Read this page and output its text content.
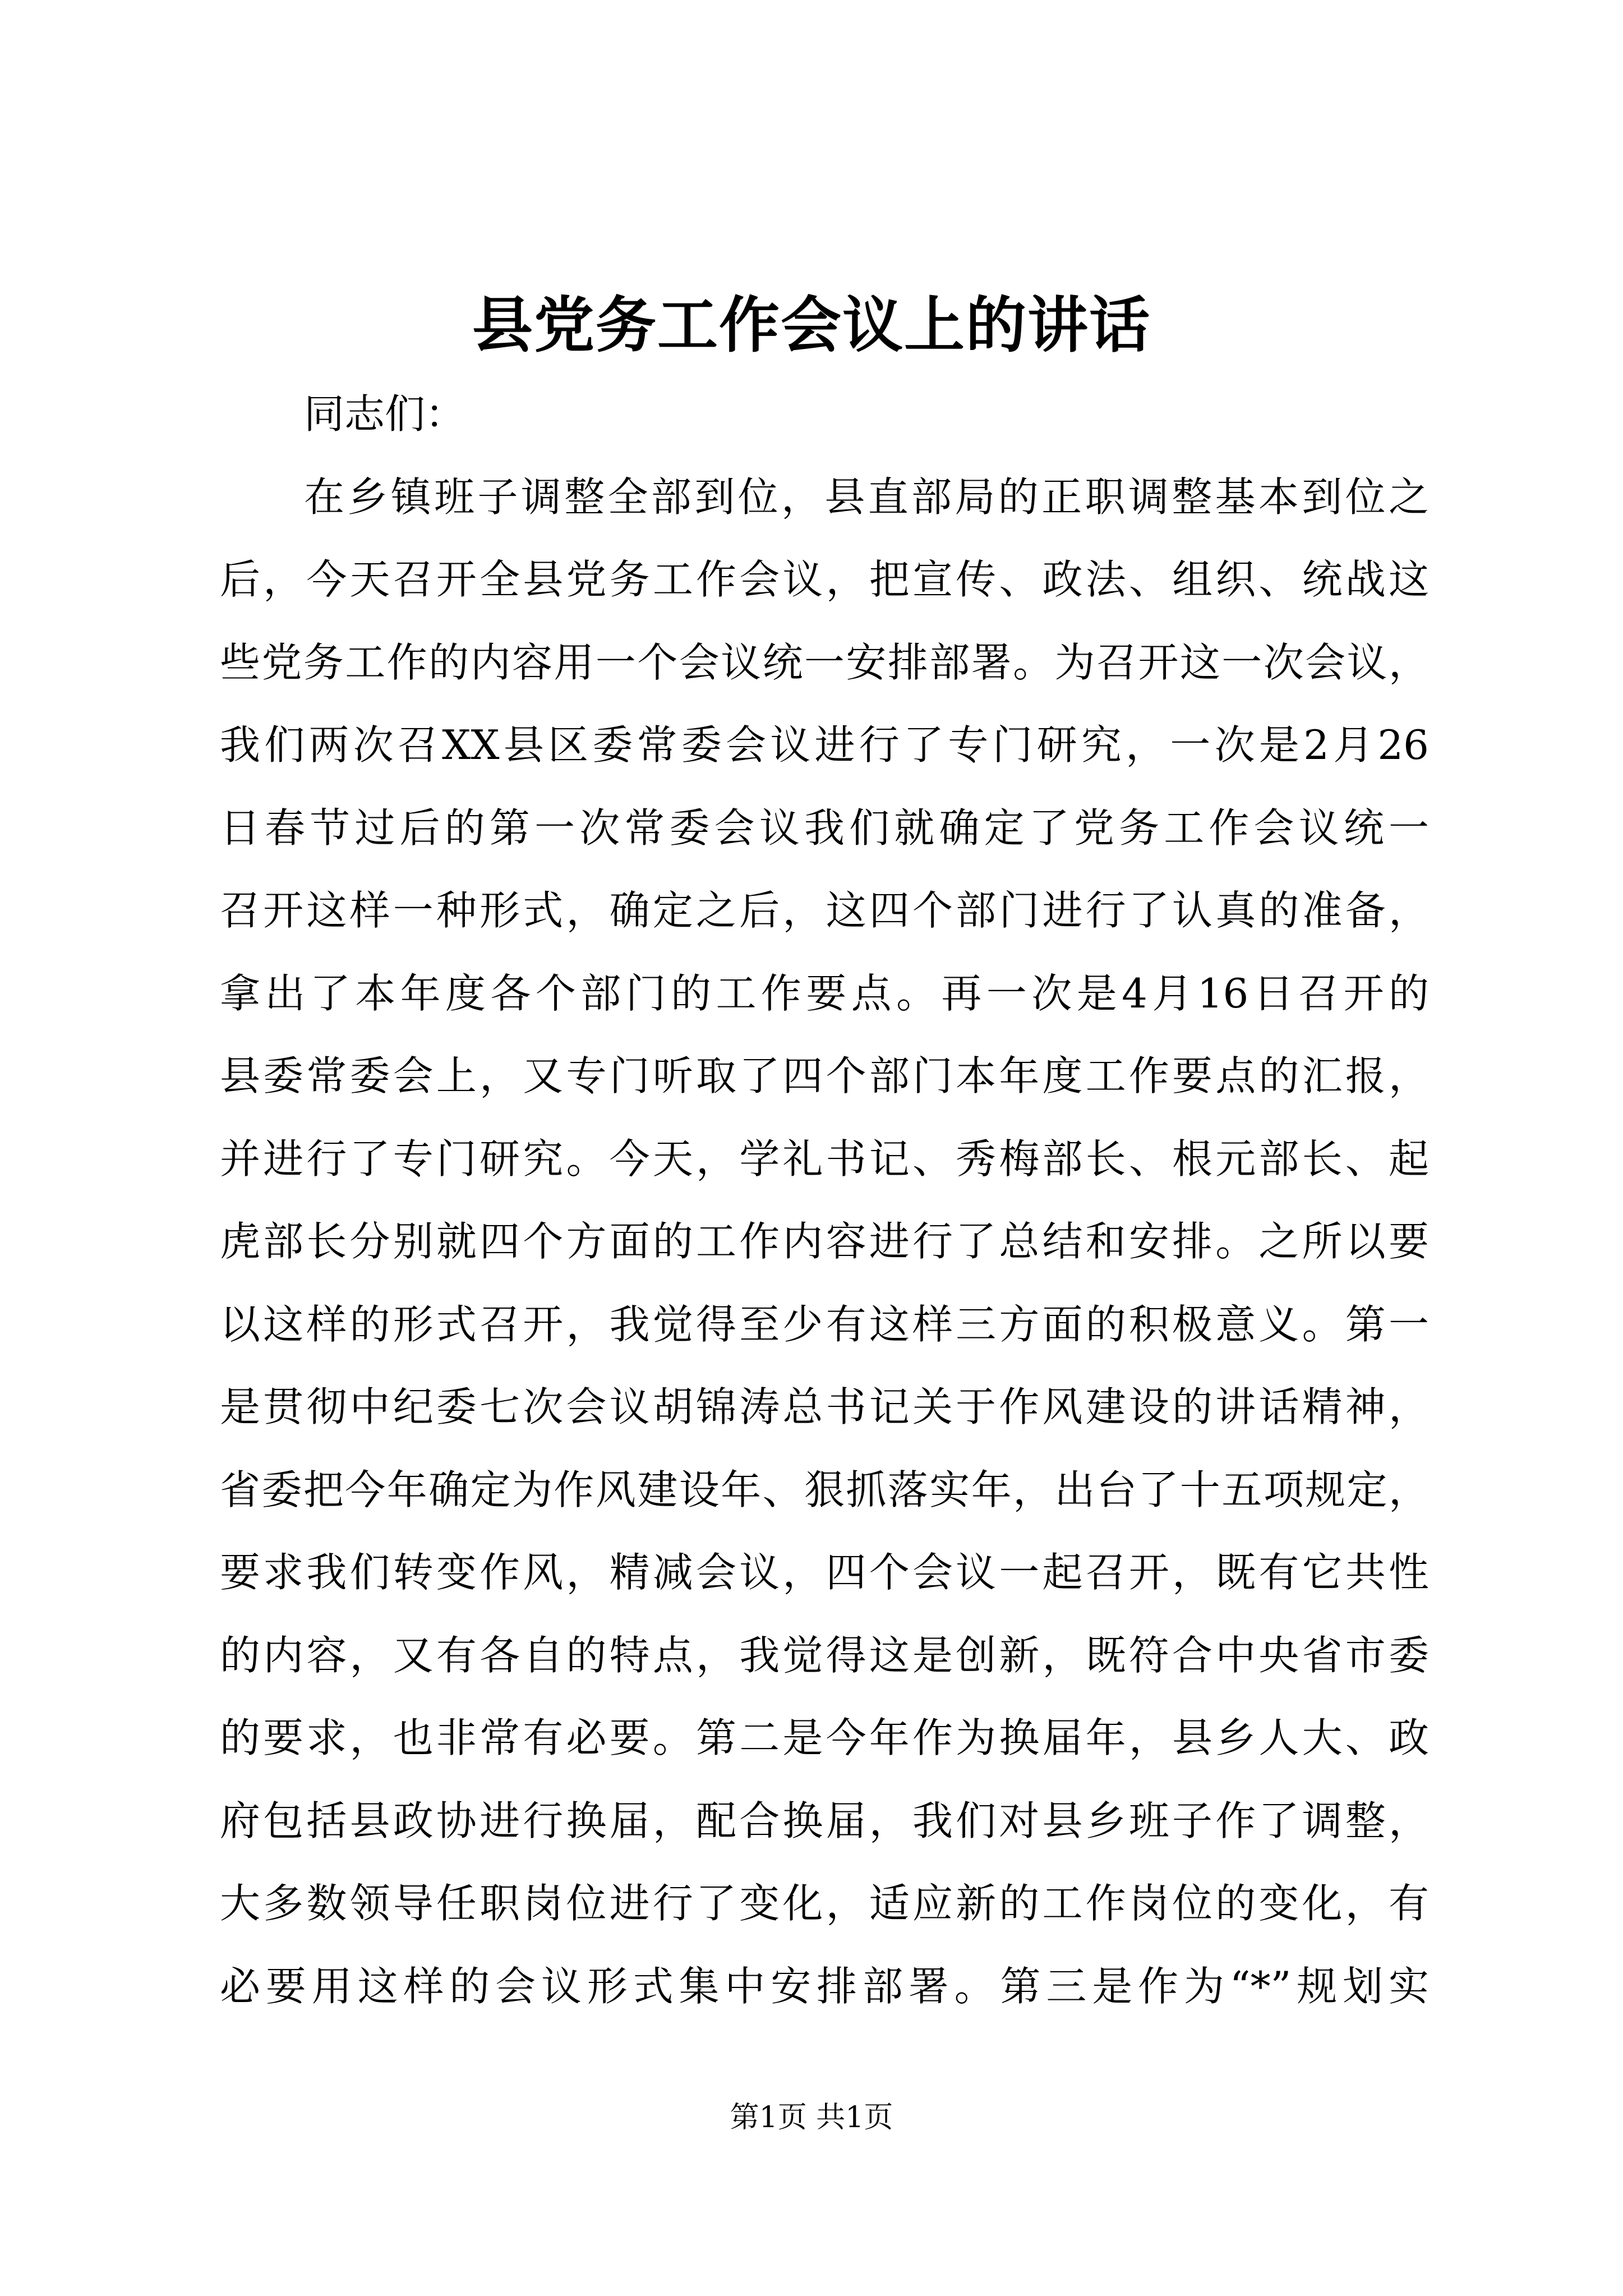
县党务工作会议上的讲话
同志们：
在乡镇班子调整全部到位，县直部局的正职调整基本到位之
后，今天召开全县党务工作会议，把宣传、政法、组织、统战这
些党务工作的内容用一个会议统一安排部署。为召开这一次会议，
我们两次召XX县区委常委会议进行了专门研究，一次是2月26
日春节过后的第一次常委会议我们就确定了党务工作会议统一
召开这样一种形式，确定之后，这四个部门进行了认真的准备，
拿出了本年度各个部门的工作要点。再一次是4月16日召开的
县委常委会上，又专门听取了四个部门本年度工作要点的汇报，
并进行了专门研究。今天，学礼书记、秀梅部长、根元部长、起
虎部长分别就四个方面的工作内容进行了总结和安排。之所以要
以这样的形式召开，我觉得至少有这样三方面的积极意义。第一
是贯彻中纪委七次会议胡锦涛总书记关于作风建设的讲话精神，
省委把今年确定为作风建设年、狠抓落实年，出台了十五项规定，
要求我们转变作风，精减会议，四个会议一起召开，既有它共性
的内容，又有各自的特点，我觉得这是创新，既符合中央省市委
的要求，也非常有必要。第二是今年作为换届年，县乡人大、政
府包括县政协进行换届，配合换届，我们对县乡班子作了调整，
大多数领导任职岗位进行了变化，适应新的工作岗位的变化，有
必要用这样的会议形式集中安排部署。第三是作为“*”规划实
第1页 共1页
